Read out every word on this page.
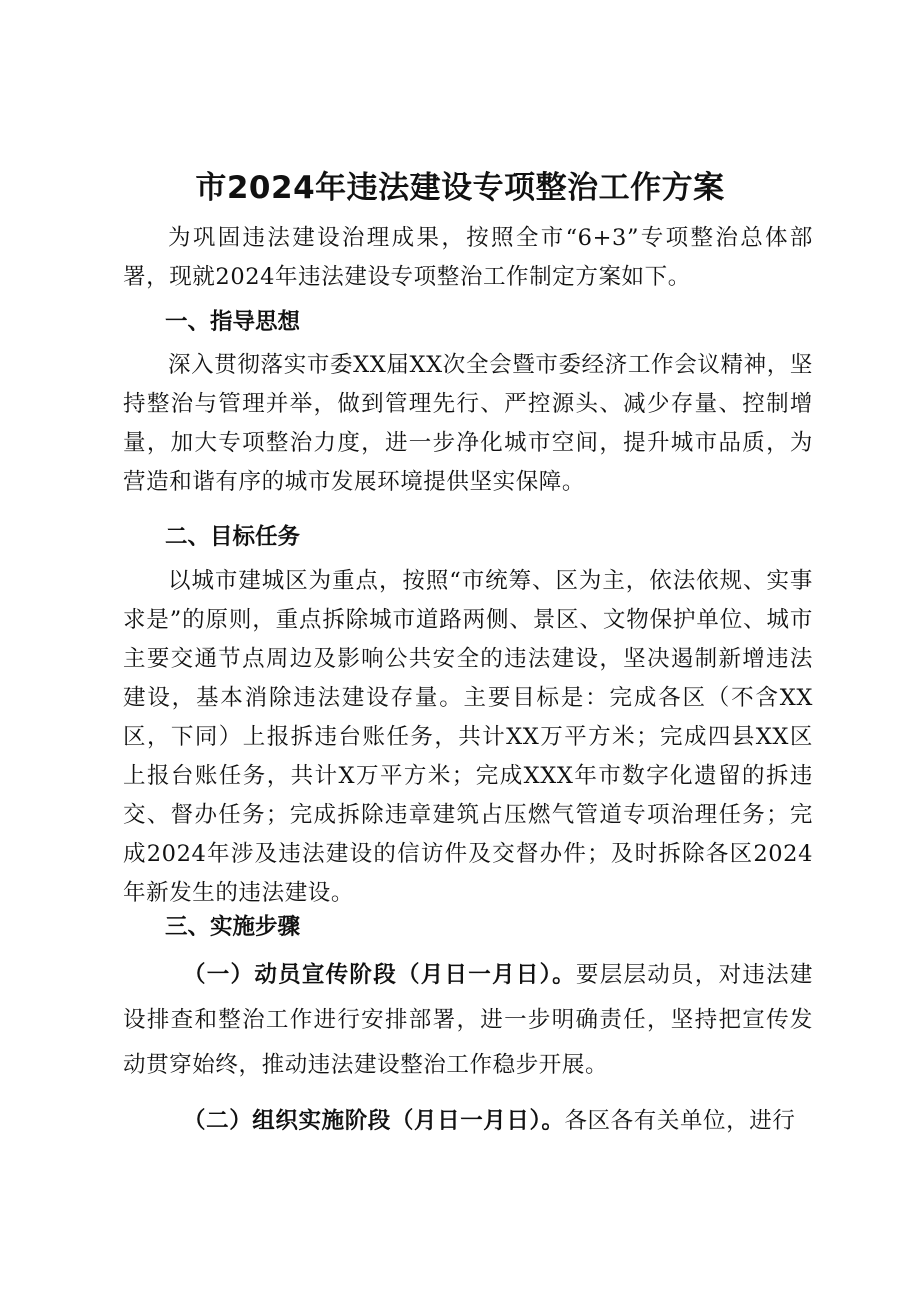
市2024年违法建设专项整治工作方案

为巩固违法建设治理成果，按照全市“6+3”专项整治总体部署，现就2024年违法建设专项整治工作制定方案如下。

一、指导思想

深入贯彻落实市委XX届XX次全会暨市委经济工作会议精神，坚持整治与管理并举，做到管理先行、严控源头、减少存量、控制增量，加大专项整治力度，进一步净化城市空间，提升城市品质，为营造和谐有序的城市发展环境提供坚实保障。

二、目标任务

以城市建城区为重点，按照“市统筹、区为主，依法依规、实事求是”的原则，重点拆除城市道路两侧、景区、文物保护单位、城市主要交通节点周边及影响公共安全的违法建设，坚决遏制新增违法建设，基本消除违法建设存量。主要目标是：完成各区（不含XX区，下同）上报拆违台账任务，共计XX万平方米；完成四县XX区上报台账任务，共计X万平方米；完成XXX年市数字化遗留的拆违交、督办任务；完成拆除违章建筑占压燃气管道专项治理任务；完成2024年涉及违法建设的信访件及交督办件；及时拆除各区2024年新发生的违法建设。

三、实施步骤

（一）动员宣传阶段（月日一月日）。要层层动员，对违法建设排查和整治工作进行安排部署，进一步明确责任，坚持把宣传发动贯穿始终，推动违法建设整治工作稳步开展。

（二）组织实施阶段（月日一月日）。各区各有关单位，进行
